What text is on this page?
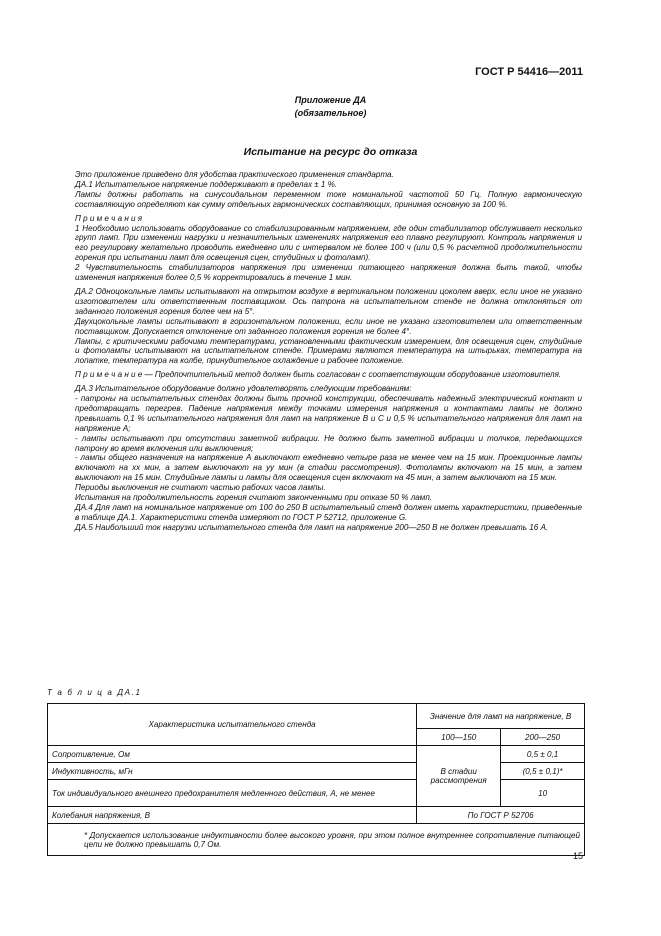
ГОСТ Р 54416—2011
Приложение ДА
(обязательное)
Испытание на ресурс до отказа

Это приложение приведено для удобства практического применения стандарта.

ДА.1 Испытательное напряжение поддерживают в пределах ± 1 %.

Лампы должны работать на синусоидальном переменном токе номинальной частотой 50 Гц. Полную гармоническую составляющую определяют как сумму отдельных гармонических составляющих, принимая основную за 100 %.

П р и м е ч а н и я

1 Необходимо использовать оборудование со стабилизированным напряжением, где один стабилизатор обслуживает несколько групп ламп. При изменении нагрузки и незначительных изменениях напряжения его плавно регулируют. Контроль напряжения и его регулировку желательно проводить ежедневно или с интервалом не более 100 ч (или 0,5 % расчетной продолжительности горения при испытании ламп для освещения сцен, студийных и фотоламп).

2 Чувствительность стабилизаторов напряжения при изменении питающего напряжения должна быть такой, чтобы изменения напряжения более 0,5 % корректировались в течение 1 мин.

ДА.2 Одноцокольные лампы испытывают на открытом воздухе в вертикальном положении цоколем вверх, если иное не указано изготовителем или ответственным поставщиком. Ось патрона на испытательном стенде не должна отклоняться от заданного положения горения более чем на 5°.

Двухцокольные лампы испытывают в горизонтальном положении, если иное не указано изготовителем или ответственным поставщиком. Допускается отклонение от заданного положения горения не более 4°.

Лампы, с критическими рабочими температурами, установленными фактическим измерением, для освещения сцен, студийные и фотолампы испытывают на испытательном стенде. Примерами являются температура на штырьках, температура на лопатке, температура на колбе, принудительное охлаждение и рабочее положение.

П р и м е ч а н и е — Предпочтительный метод должен быть согласован с соответствующим оборудование изготовителя.

ДА.3 Испытательное оборудование должно удовлетворять следующим требованиям:

- патроны на испытательных стендах должны быть прочной конструкции, обеспечивать надежный электрический контакт и предотвращать перегрев. Падение напряжения между точками измерения напряжения и контактами лампы не должно превышать 0,1 % испытательного напряжения для ламп на напряжение В и С и 0,5 % испытательного напряжения для ламп на напряжение А;

- лампы испытывают при отсутствии заметной вибрации. Не должно быть заметной вибрации и толчков, передающихся патрону во время включения или выключения;

- лампы общего назначения на напряжение А выключают ежедневно четыре раза не менее чем на 15 мин. Проекционные лампы включают на хх мин, а затем выключают на уу мин (в стадии рассмотрения). Фотолампы включают на 15 мин, а затем выключают на 15 мин. Студийные лампы и лампы для освещения сцен включают на 45 мин, а затем выключают на 15 мин.

Периоды выключения не считают частью рабочих часов лампы.

Испытания на продолжительность горения считают законченными при отказе 50 % ламп.

ДА.4 Для ламп на номинальное напряжение от 100 до 250 В испытательный стенд должен иметь характеристики, приведенные в таблице ДА.1. Характеристики стенда измеряют по ГОСТ Р 52712, приложение G.

ДА.5 Наибольший ток нагрузки испытательного стенда для ламп на напряжение 200—250 В не должен превышать 16 А.

Т а б л и ц а ДА.1
Характеристика испытательного стенда	Значение для ламп на напряжение, В	
	100—150	200—250
Сопротивление, Ом	В стадии рассмотрения	0,5 ± 0,1
Индуктивность, мГн		(0,5 ± 0,1)*
Ток индивидуального внешнего предохранителя медленного действия, А, не менее		10
Колебания напряжения, В	По ГОСТ Р 52706	
* Допускается использование индуктивности более высокого уровня, при этом полное внутреннее сопротивление питающей цепи не должно превышать 0,7 Ом.		
15
